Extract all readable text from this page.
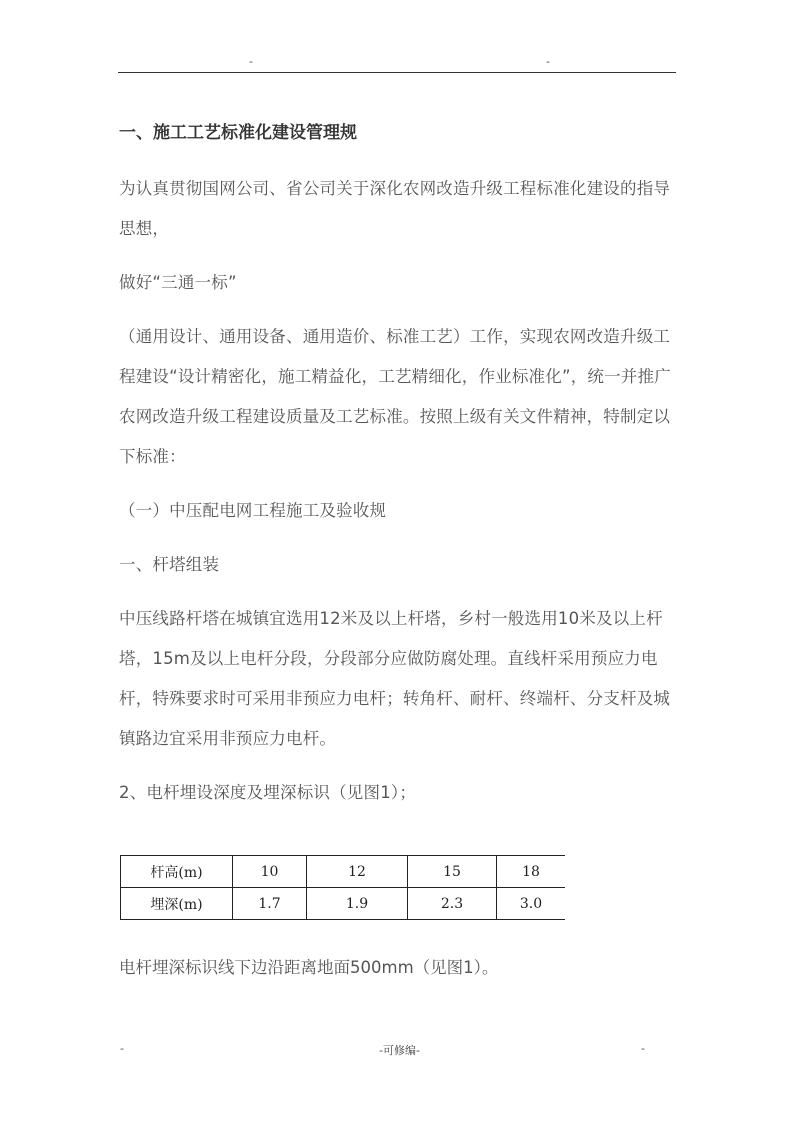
-	-
一、施工工艺标准化建设管理规

为认真贯彻国网公司、省公司关于深化农网改造升级工程标准化建设的指导思想，

做好“三通一标”

（通用设计、通用设备、通用造价、标准工艺）工作，实现农网改造升级工程建设“设计精密化，施工精益化，工艺精细化，作业标准化”，统一并推广农网改造升级工程建设质量及工艺标准。按照上级有关文件精神，特制定以下标准：

（一）中压配电网工程施工及验收规

一、杆塔组装

中压线路杆塔在城镇宜选用12米及以上杆塔，乡村一般选用10米及以上杆塔，15m及以上电杆分段，分段部分应做防腐处理。直线杆采用预应力电杆，特殊要求时可采用非预应力电杆；转角杆、耐杆、终端杆、分支杆及城镇路边宜采用非预应力电杆。

2、电杆埋设深度及埋深标识（见图1）；

杆高(m)	10	12	15	18
埋深(m)	1.7	1.9	2.3	3.0

电杆埋深标识线下边沿距离地面500mm（见图1）。

-	-可修编-	-
